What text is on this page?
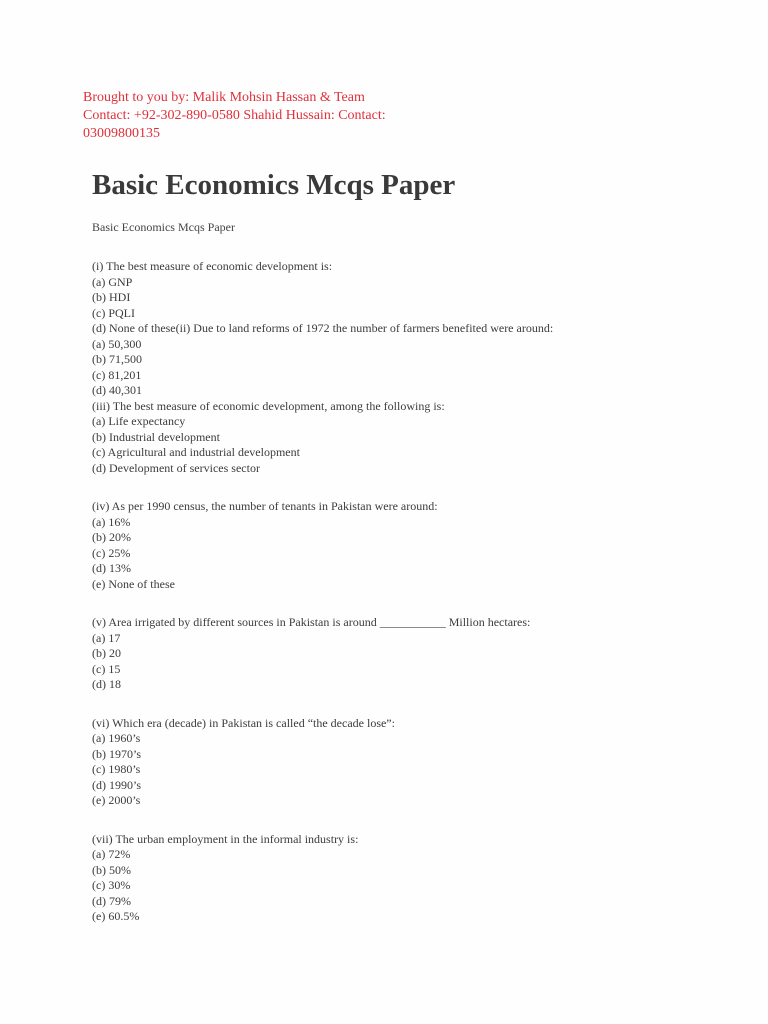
Brought to you by: Malik Mohsin Hassan & Team
Contact: +92-302-890-0580 Shahid Hussain: Contact:
03009800135
Basic Economics Mcqs Paper
Basic Economics Mcqs Paper
(i) The best measure of economic development is:
(a) GNP
(b) HDI
(c) PQLI
(d) None of these(ii) Due to land reforms of 1972 the number of farmers benefited were around:
(a) 50,300
(b) 71,500
(c) 81,201
(d) 40,301
(iii) The best measure of economic development, among the following is:
(a) Life expectancy
(b) Industrial development
(c) Agricultural and industrial development
(d) Development of services sector
(iv) As per 1990 census, the number of tenants in Pakistan were around:
(a) 16%
(b) 20%
(c) 25%
(d) 13%
(e) None of these
(v) Area irrigated by different sources in Pakistan is around ___________ Million hectares:
(a) 17
(b) 20
(c) 15
(d) 18
(vi) Which era (decade) in Pakistan is called “the decade lose”:
(a) 1960’s
(b) 1970’s
(c) 1980’s
(d) 1990’s
(e) 2000’s
(vii) The urban employment in the informal industry is:
(a) 72%
(b) 50%
(c) 30%
(d) 79%
(e) 60.5%
